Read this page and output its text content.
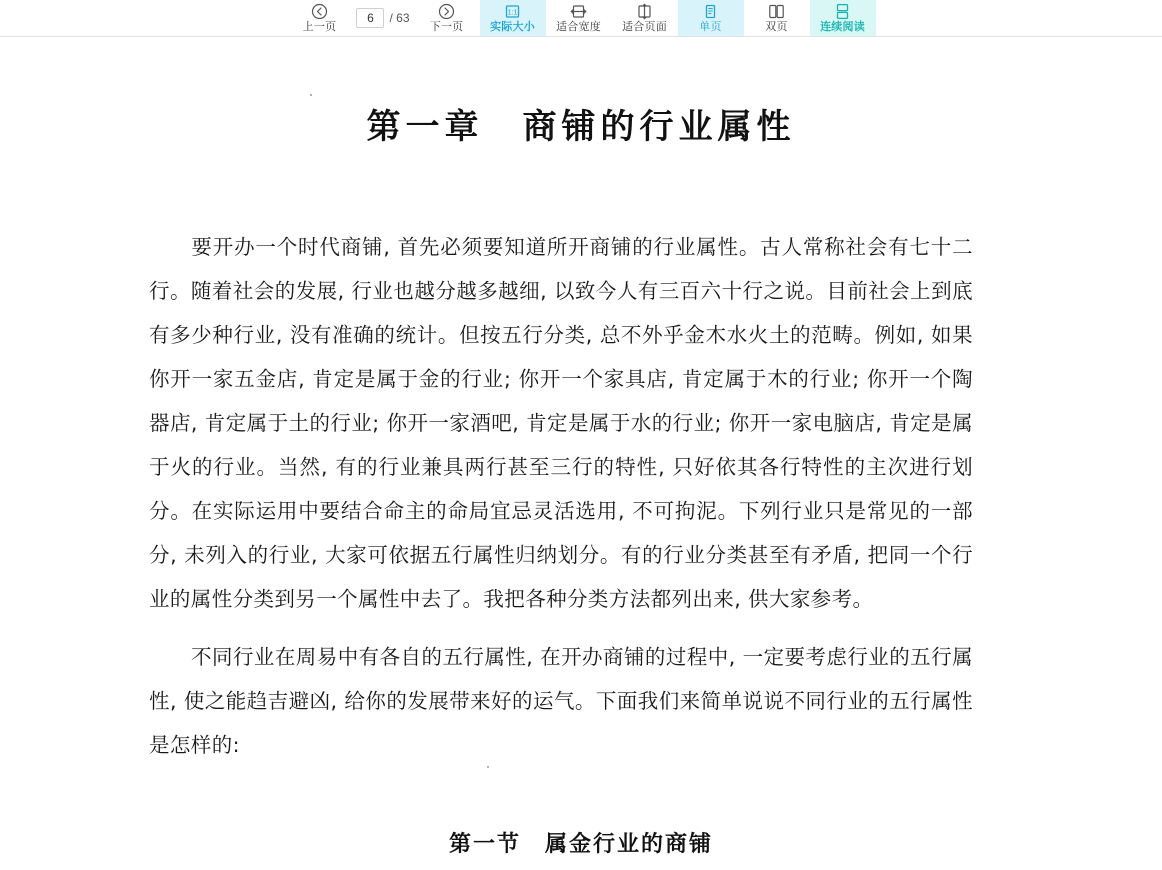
上一页
6	/ 63
下一页
1:1
实际大小 适合宽度 适合页面	单页	双页	连续阅读
第一章　商铺的行业属性
要开办一个时代商铺, 首先必须要知道所开商铺的行业属性。古人常称社会有七十二行。随着社会的发展, 行业也越分越多越细, 以致今人有三百六十行之说。目前社会上到底有多少种行业, 没有准确的统计。但按五行分类, 总不外乎金木水火土的范畴。例如, 如果你开一家五金店, 肯定是属于金的行业; 你开一个家具店, 肯定属于木的行业; 你开一个陶器店, 肯定属于土的行业; 你开一家酒吧, 肯定是属于水的行业; 你开一家电脑店, 肯定是属于火的行业。当然, 有的行业兼具两行甚至三行的特性, 只好依其各行特性的主次进行划分。在实际运用中要结合命主的命局宜忌灵活选用, 不可拘泥。下列行业只是常见的一部分, 未列入的行业, 大家可依据五行属性归纳划分。有的行业分类甚至有矛盾, 把同一个行业的属性分类到另一个属性中去了。我把各种分类方法都列出来, 供大家参考。
不同行业在周易中有各自的五行属性, 在开办商铺的过程中, 一定要考虑行业的五行属性, 使之能趋吉避凶, 给你的发展带来好的运气。下面我们来简单说说不同行业的五行属性是怎样的:
第一节　属金行业的商铺
